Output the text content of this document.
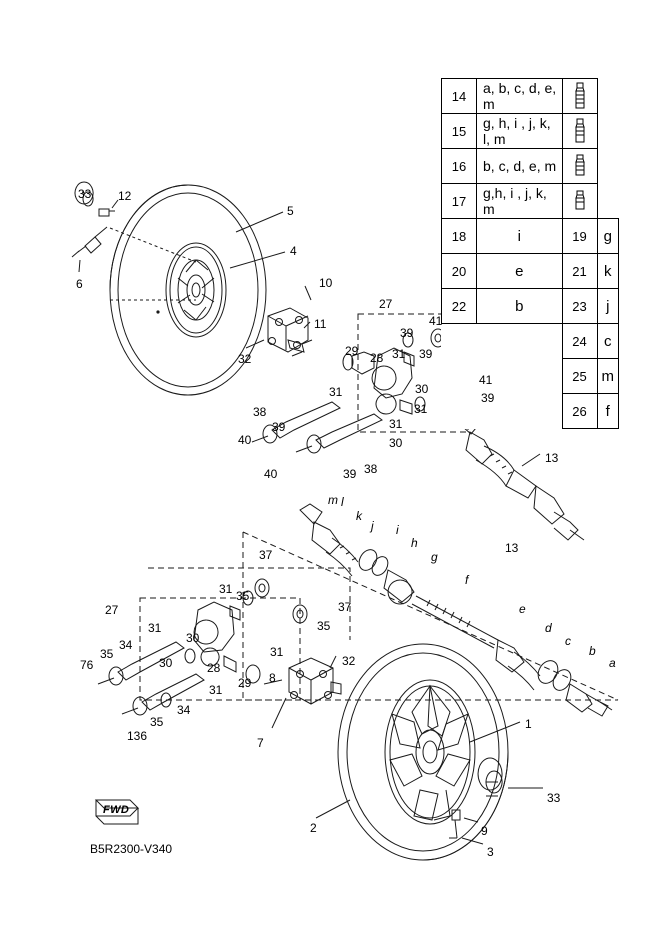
14	a, b, c, d, e, m	

15	g, h, i , j, k, l, m	

16	b, c, d, e, m	

17	g,h, i , j, k, m	

18	i	19	g
20	e	21	k
22	b	23	j
		24	c
		25	m
		26	f
33 12
6
5
4
10
11
32
27
39
41
29 28 31 39
41
39
31	30
31
38
39
40
31
30
40	39 38
13
13
37
35
31
37
35
27
31
30
34
35
76	30	28
29
31
32
31
34
35
136
8
7
1
33
9
3
2
m l
k
j i
h
g
f
e
d
c
b
a
FWD
B5R2300-V340
